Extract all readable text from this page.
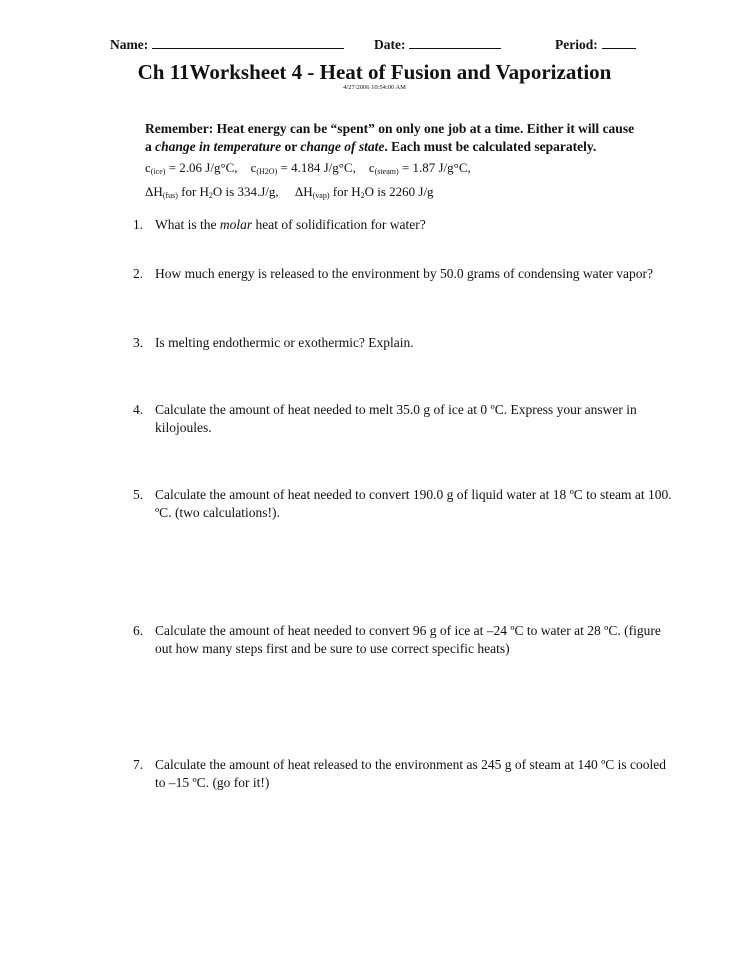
Name:	Date:	Period:
Ch 11Worksheet 4 - Heat of Fusion and Vaporization
4/27/2006 10:54:00 AM
Remember: Heat energy can be “spent” on only one job at a time. Either it will cause
a change in temperature or change of state. Each must be calculated separately.
$c_{(ice)} = 2.06$ J/g°C, $c_{(H2O)} = 4.184$ J/g°C, $c_{(steam)} = 1.87$ J/g°C,
$\Delta H_{(fus)}$ for $H_2O$ is 334.J/g, $\Delta H_{(vap)}$ for $H_2O$ is 2260 J/g
1. What is the molar heat of solidification for water?
2. How much energy is released to the environment by 50.0 grams of condensing water vapor?
3. Is melting endothermic or exothermic? Explain.
4. Calculate the amount of heat needed to melt 35.0 g of ice at 0 ºC. Express your answer in kilojoules.
5. Calculate the amount of heat needed to convert 190.0 g of liquid water at 18 ºC to steam at 100. ºC. (two calculations!).
6. Calculate the amount of heat needed to convert 96 g of ice at –24 ºC to water at 28 ºC. (figure out how many steps first and be sure to use correct specific heats)
7. Calculate the amount of heat released to the environment as 245 g of steam at 140 ºC is cooled to –15 ºC. (go for it!)
